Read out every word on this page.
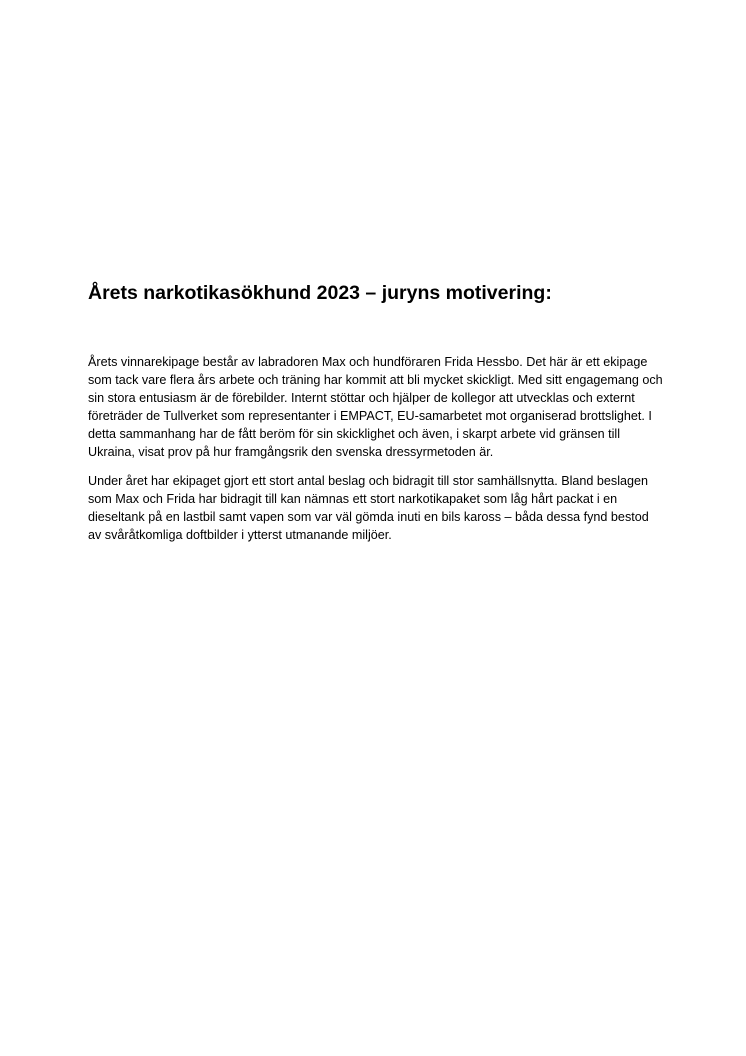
Årets narkotikasökhund 2023 – juryns motivering:

Årets vinnarekipage består av labradoren Max och hundföraren Frida Hessbo. Det här är ett ekipage som tack vare flera års arbete och träning har kommit att bli mycket skickligt. Med sitt engagemang och sin stora entusiasm är de förebilder. Internt stöttar och hjälper de kollegor att utvecklas och externt företräder de Tullverket som representanter i EMPACT, EU-samarbetet mot organiserad brottslighet. I detta sammanhang har de fått beröm för sin skicklighet och även, i skarpt arbete vid gränsen till Ukraina, visat prov på hur framgångsrik den svenska dressyrmetoden är.

Under året har ekipaget gjort ett stort antal beslag och bidragit till stor samhällsnytta. Bland beslagen som Max och Frida har bidragit till kan nämnas ett stort narkotikapaket som låg hårt packat i en dieseltank på en lastbil samt vapen som var väl gömda inuti en bils kaross – båda dessa fynd bestod av svåråtkomliga doftbilder i ytterst utmanande miljöer.
